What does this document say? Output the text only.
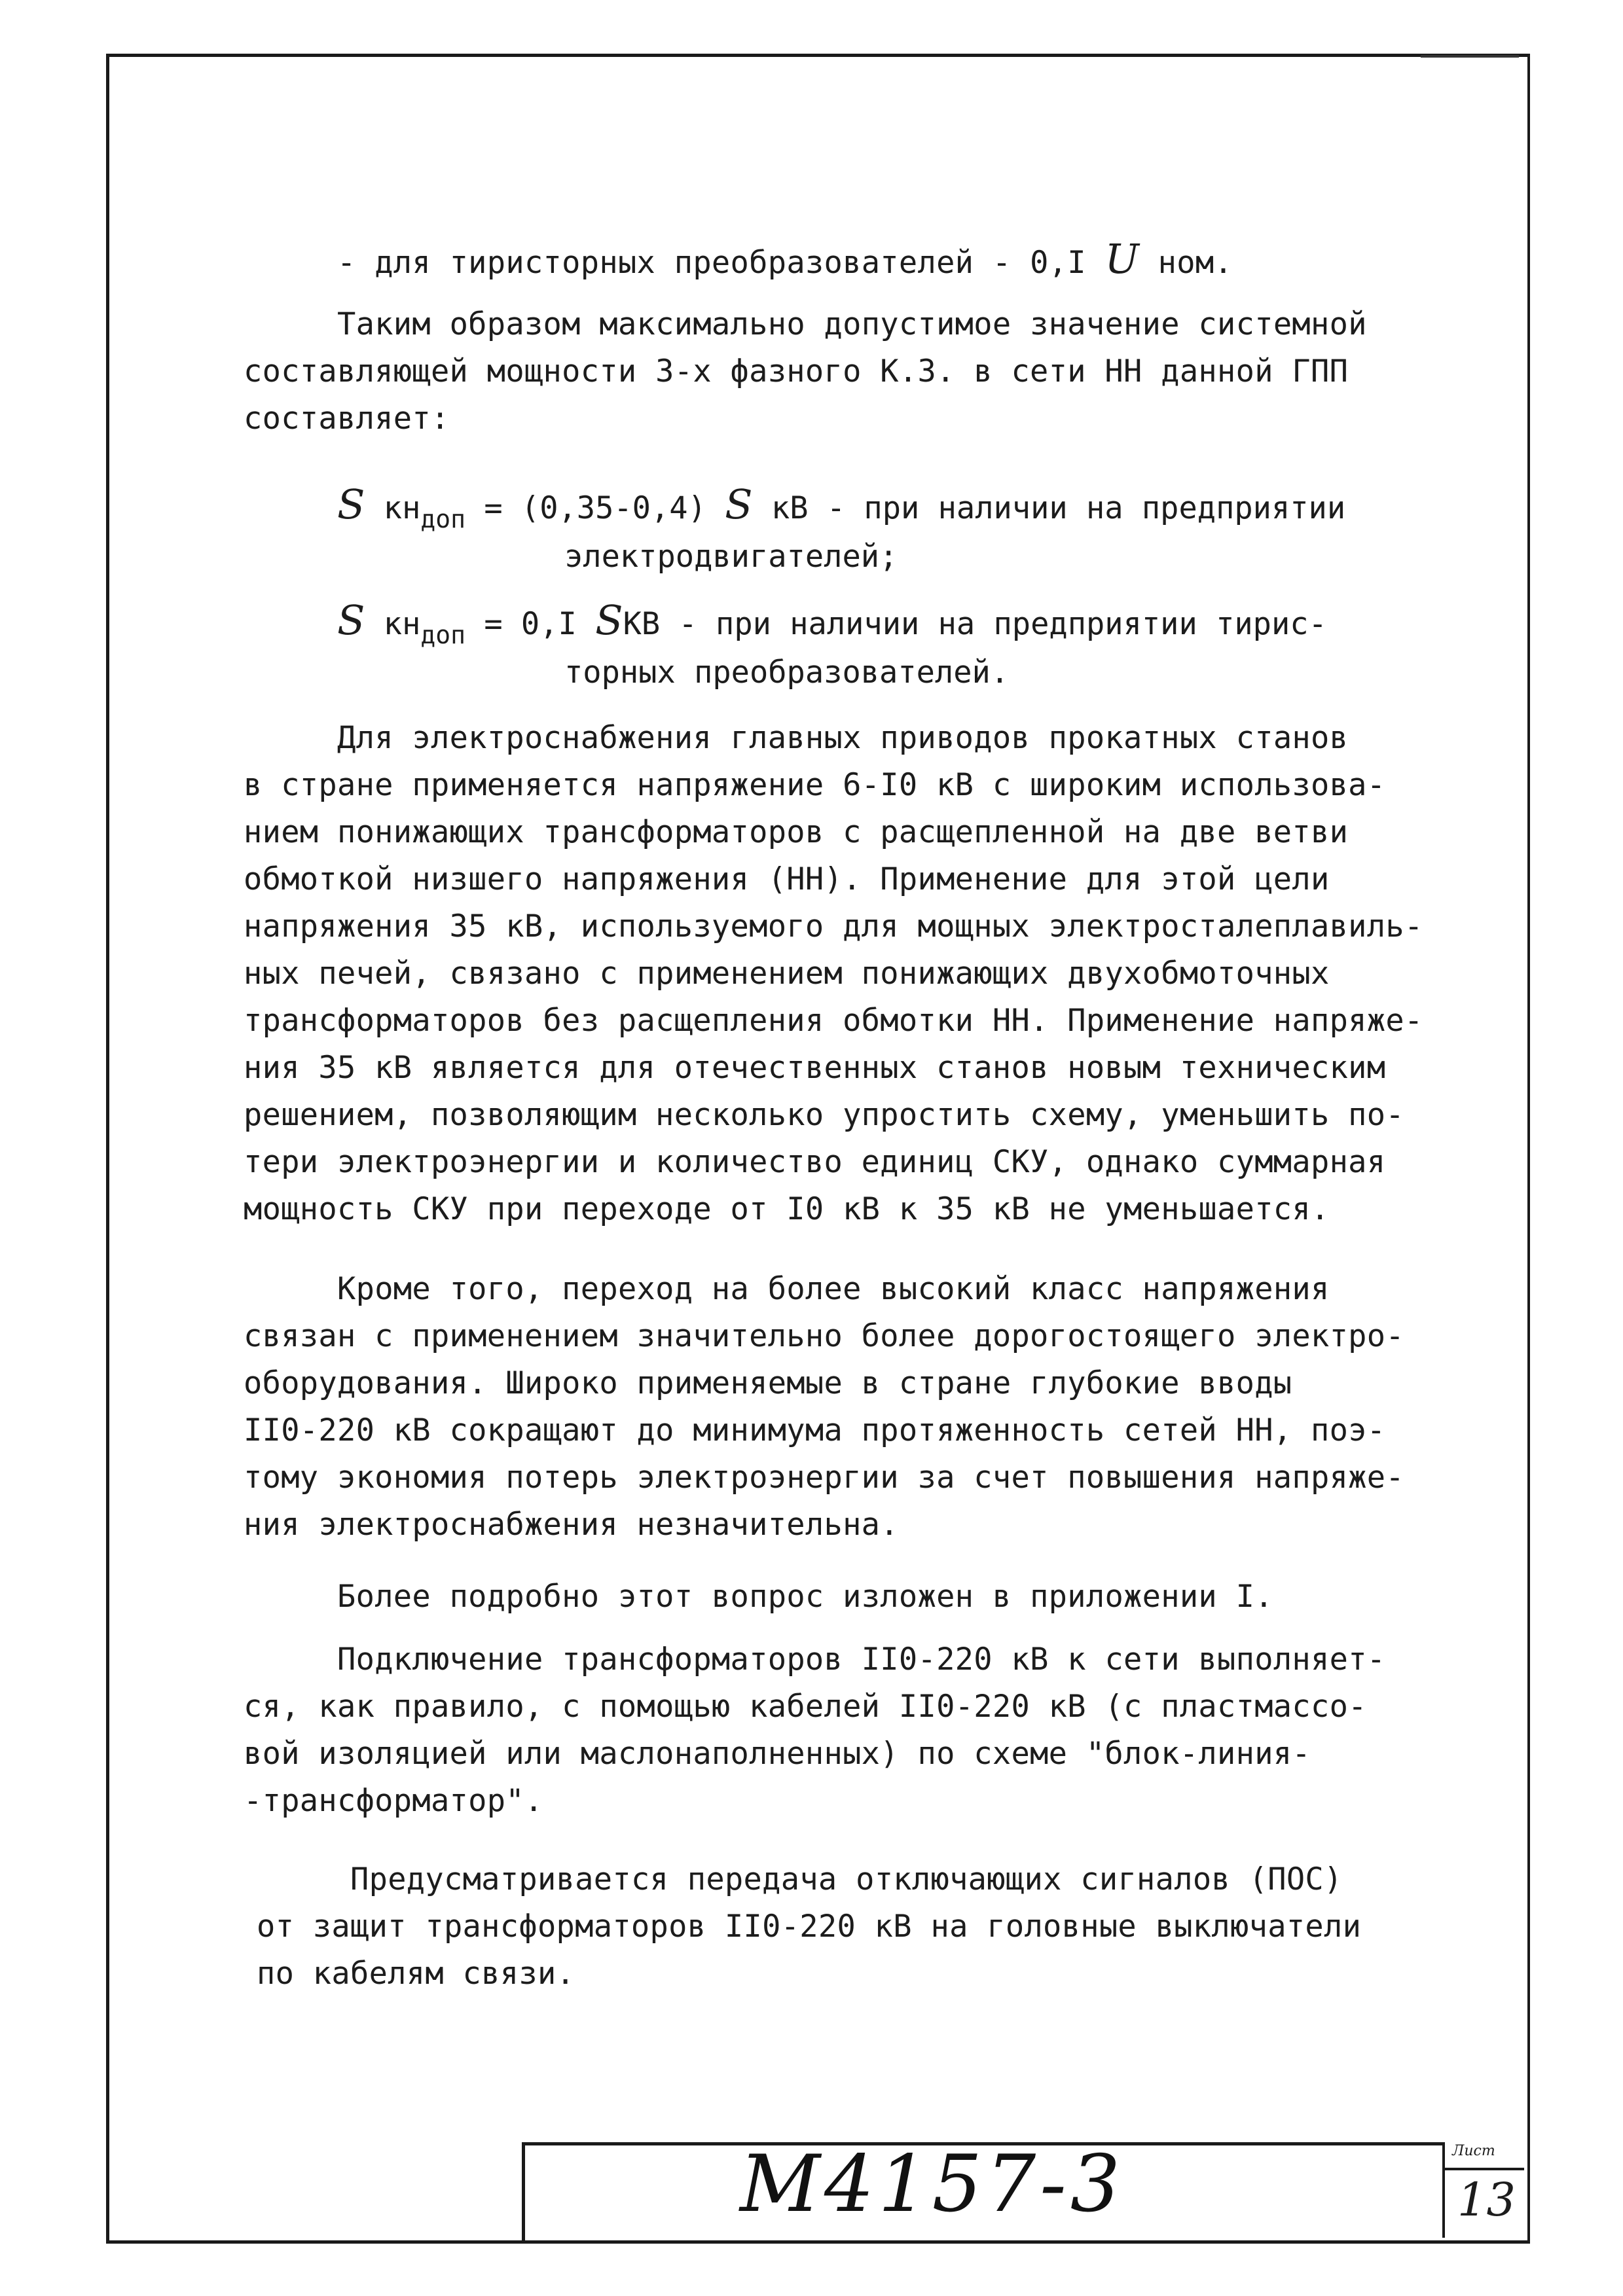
- для тиристорных преобразователей - 0,I U ном.
Таким образом максимально допустимое значение системной
составляющей мощности 3-х фазного К.З. в сети НН данной ГПП
составляет:
S $кн_{доп} = (0,35-0,4)$ S кВ - при наличии на предприятии
электродвигателей;
S $кн_{доп} = 0,I$ SКВ - при наличии на предприятии тирис-
торных преобразователей.
Для электроснабжения главных приводов прокатных станов
в стране применяется напряжение 6-I0 кВ с широким использова-
нием понижающих трансформаторов с расщепленной на две ветви
обмоткой низшего напряжения (НН). Применение для этой цели
напряжения 35 кВ, используемого для мощных электросталеплавиль-
ных печей, связано с применением понижающих двухобмоточных
трансформаторов без расщепления обмотки НН. Применение напряже-
ния 35 кВ является для отечественных станов новым техническим
решением, позволяющим несколько упростить схему, уменьшить по-
тери электроэнергии и количество единиц СКУ, однако суммарная
мощность СКУ при переходе от I0 кВ к 35 кВ не уменьшается.
Кроме того, переход на более высокий класс напряжения
связан с применением значительно более дорогостоящего электро-
оборудования. Широко применяемые в стране глубокие вводы
II0-220 кВ сокращают до минимума протяженность сетей НН, поэ-
тому экономия потерь электроэнергии за счет повышения напряже-
ния электроснабжения незначительна.
Более подробно этот вопрос изложен в приложении I.
Подключение трансформаторов II0-220 кВ к сети выполняет-
ся, как правило, с помощью кабелей II0-220 кВ (с пластмассо-
вой изоляцией или маслонаполненных) по схеме "блок-линия-
-трансформатор".
Предусматривается передача отключающих сигналов (ПОС)
от защит трансформаторов II0-220 кВ на головные выключатели
по кабелям связи.
М4157-3	Лист
13
